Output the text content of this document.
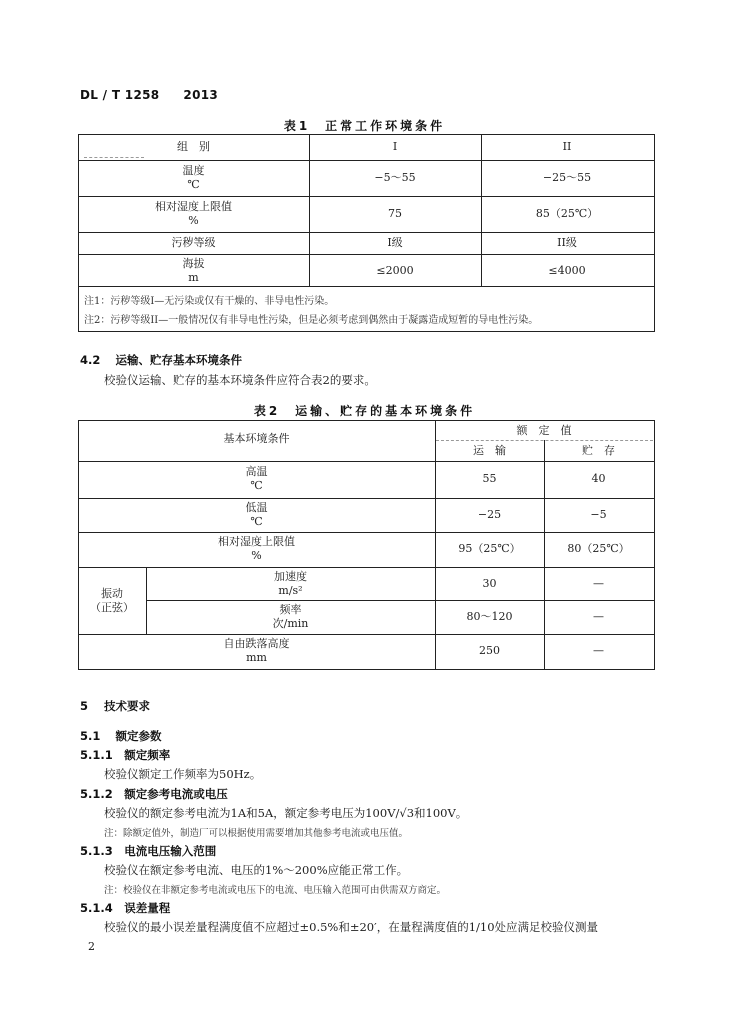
DL / T 1258 2013
表1　正常工作环境条件
组　别	I	II
温度
℃
−5～55	−25～55
相对湿度上限值
%
75	85（25℃）
污秽等级	I级	II级
海拔
m
≤2000	≤4000
注1：污秽等级I—无污染或仅有干燥的、非导电性污染。
注2：污秽等级II—一般情况仅有非导电性污染，但是必须考虑到偶然由于凝露造成短暂的导电性污染。
4.2　 运输、贮存基本环境条件
校验仪运输、贮存的基本环境条件应符合表2的要求。
表2　运输、贮存的基本环境条件
基本环境条件
额　定　值
运　输	贮　存
高温
℃
55	40
低温
℃
−25	−5
相对湿度上限值
%
95（25℃）	80（25℃）
振动
（正弦）
加速度
m/s²
30	—
频率
次/min
80～120	—
自由跌落高度
mm
250	—
5 技术要求
5.1　 额定参数
5.1.1　 额定频率
校验仪额定工作频率为50Hz。
5.1.2　 额定参考电流或电压
校验仪的额定参考电流为1A和5A，额定参考电压为100V/√3和100V。
注：除额定值外，制造厂可以根据使用需要增加其他参考电流或电压值。
5.1.3　 电流电压输入范围
校验仪在额定参考电流、电压的1%～200%应能正常工作。
注：校验仪在非额定参考电流或电压下的电流、电压输入范围可由供需双方商定。
5.1.4　 误差量程
校验仪的最小误差量程满度值不应超过±0.5%和±20′，在量程满度值的1/10处应满足校验仪测量
2
